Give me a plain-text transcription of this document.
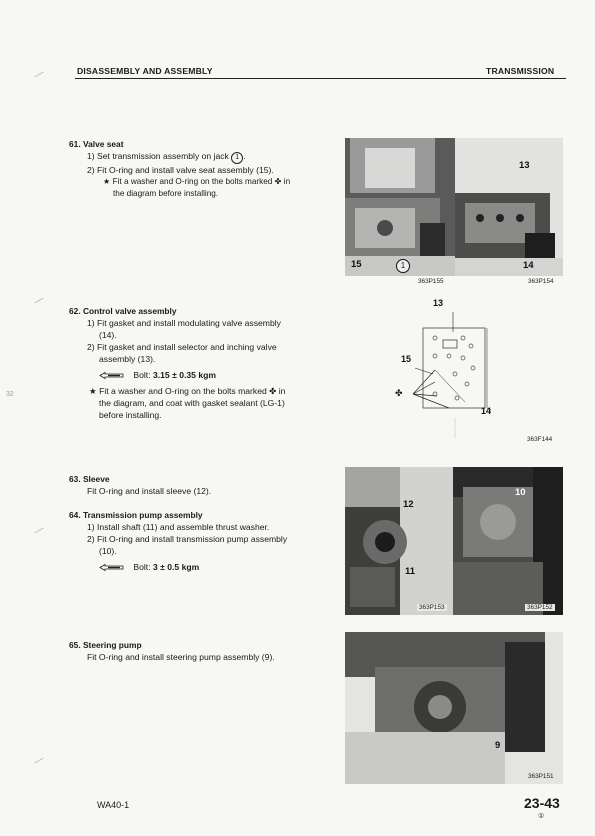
32
DISASSEMBLY AND ASSEMBLY	TRANSMISSION
61. Valve seat
1) Set transmission assembly on jack 1 .
2) Fit O-ring and install valve seat assembly (15).
★ Fit a washer and O-ring on the bolts marked ✤ in
the diagram before installing.
62. Control valve assembly
1) Fit gasket and install modulating valve assembly
(14).
2) Fit gasket and install selector and inching valve
assembly (13).
Bolt: 3.15 ± 0.35 kgm
★ Fit a washer and O-ring on the bolts marked ✤ in
the diagram, and coat with gasket sealant (LG-1)
before installing.
63. Sleeve
Fit O-ring and install sleeve (12).
64. Transmission pump assembly
1) Install shaft (11) and assemble thrust washer.
2) Fit O-ring and install transmission pump assembly
(10).
Bolt: 3 ± 0.5 kgm
65. Steering pump
Fit O-ring and install steering pump assembly (9).
15	1
363P155
13
14
363P154
13
15
14
✤
363F144
12
11
363P153
10
363P152
9
363P151
WA40-1	23-43
①
